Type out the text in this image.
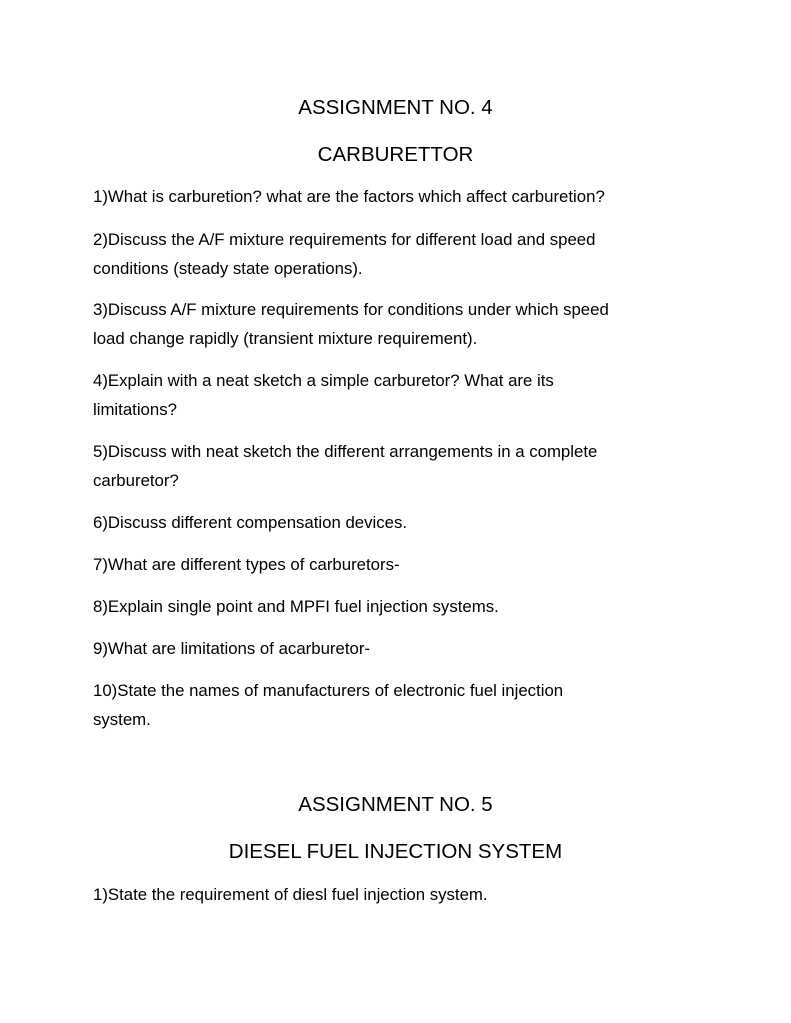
ASSIGNMENT NO. 4
CARBURETTOR
1)What is carburetion? what are the factors which affect carburetion?
2)Discuss the A/F mixture requirements for different load and speed
conditions (steady state operations).
3)Discuss A/F mixture requirements for conditions under which speed
load change rapidly (transient mixture requirement).
4)Explain with a neat sketch a simple carburetor? What are its
limitations?
5)Discuss with neat sketch the different arrangements in a complete
carburetor?
6)Discuss different compensation devices.
7)What are different types of carburetors-
8)Explain single point and MPFI fuel injection systems.
9)What are limitations of acarburetor-
10)State the names of manufacturers of electronic fuel injection
system.
ASSIGNMENT NO. 5
DIESEL FUEL INJECTION SYSTEM
1)State the requirement of diesl fuel injection system.
